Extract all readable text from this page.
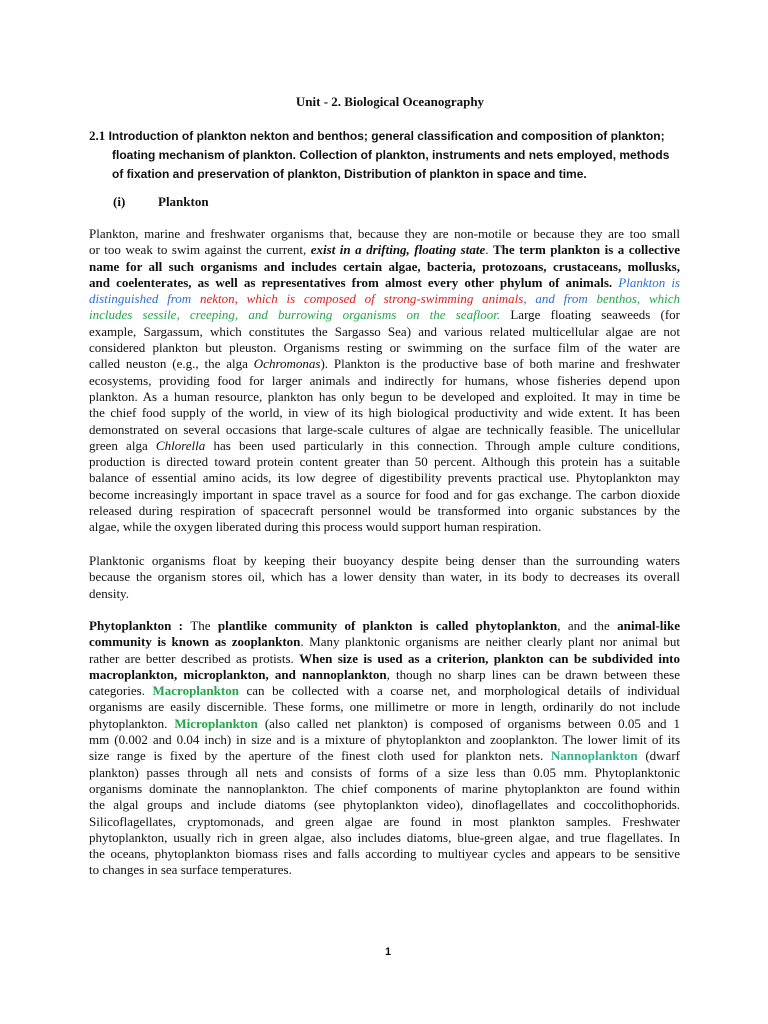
Unit - 2. Biological Oceanography
2.1 Introduction of plankton nekton and benthos; general classification and composition of plankton;
floating mechanism of plankton. Collection of plankton, instruments and nets employed, methods
of fixation and preservation of plankton, Distribution of plankton in space and time.
(i)	Plankton
Plankton, marine and freshwater organisms that, because they are non-motile or because they are too small
or too weak to swim against the current, exist in a drifting, floating state. The term plankton is a collective
name for all such organisms and includes certain algae, bacteria, protozoans, crustaceans, mollusks,
and coelenterates, as well as representatives from almost every other phylum of animals. Plankton is
distinguished from nekton, which is composed of strong-swimming animals, and from benthos, which
includes sessile, creeping, and burrowing organisms on the seafloor. Large floating seaweeds (for
example, Sargassum, which constitutes the Sargasso Sea) and various related multicellular algae are not
considered plankton but pleuston. Organisms resting or swimming on the surface film of the water are
called neuston (e.g., the alga Ochromonas). Plankton is the productive base of both marine and freshwater
ecosystems, providing food for larger animals and indirectly for humans, whose fisheries depend upon
plankton. As a human resource, plankton has only begun to be developed and exploited. It may in time be
the chief food supply of the world, in view of its high biological productivity and wide extent. It has been
demonstrated on several occasions that large-scale cultures of algae are technically feasible. The unicellular
green alga Chlorella has been used particularly in this connection. Through ample culture conditions,
production is directed toward protein content greater than 50 percent. Although this protein has a suitable
balance of essential amino acids, its low degree of digestibility prevents practical use. Phytoplankton may
become increasingly important in space travel as a source for food and for gas exchange. The carbon dioxide
released during respiration of spacecraft personnel would be transformed into organic substances by the
algae, while the oxygen liberated during this process would support human respiration.
Planktonic organisms float by keeping their buoyancy despite being denser than the surrounding waters
because the organism stores oil, which has a lower density than water, in its body to decreases its overall
density.
Phytoplankton : The plantlike community of plankton is called phytoplankton, and the animal-like
community is known as zooplankton. Many planktonic organisms are neither clearly plant nor animal but
rather are better described as protists. When size is used as a criterion, plankton can be subdivided into
macroplankton, microplankton, and nannoplankton, though no sharp lines can be drawn between these
categories. Macroplankton can be collected with a coarse net, and morphological details of individual
organisms are easily discernible. These forms, one millimetre or more in length, ordinarily do not include
phytoplankton. Microplankton (also called net plankton) is composed of organisms between 0.05 and 1
mm (0.002 and 0.04 inch) in size and is a mixture of phytoplankton and zooplankton. The lower limit of its
size range is fixed by the aperture of the finest cloth used for plankton nets. Nannoplankton (dwarf
plankton) passes through all nets and consists of forms of a size less than 0.05 mm. Phytoplanktonic
organisms dominate the nannoplankton. The chief components of marine phytoplankton are found within
the algal groups and include diatoms (see phytoplankton video), dinoflagellates and coccolithophorids.
Silicoflagellates, cryptomonads, and green algae are found in most plankton samples. Freshwater
phytoplankton, usually rich in green algae, also includes diatoms, blue-green algae, and true flagellates. In
the oceans, phytoplankton biomass rises and falls according to multiyear cycles and appears to be sensitive
to changes in sea surface temperatures.
1
